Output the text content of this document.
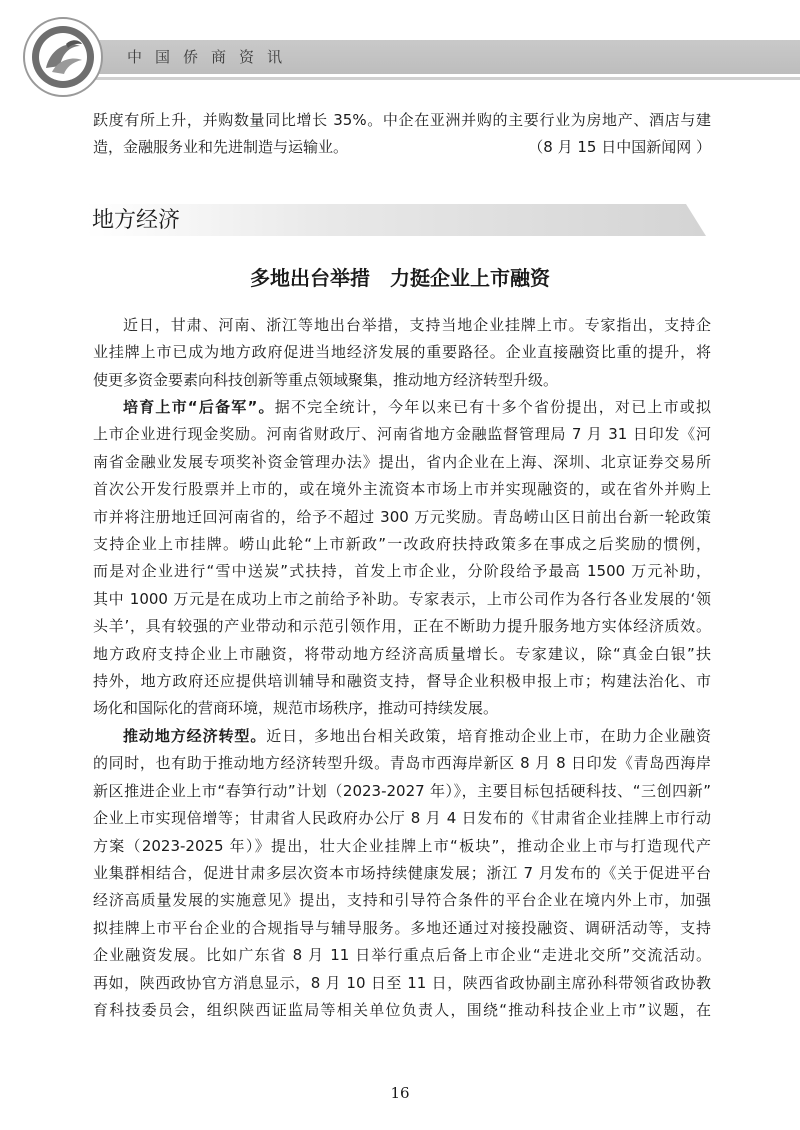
中国侨商资讯
跃度有所上升，并购数量同比增长 35%。中企在亚洲并购的主要行业为房地产、酒店与建
造，金融服务业和先进制造与运输业。	（8 月 15 日中国新闻网 ）
地方经济
多地出台举措　力挺企业上市融资
近日，甘肃、河南、浙江等地出台举措，支持当地企业挂牌上市。专家指出，支持企
业挂牌上市已成为地方政府促进当地经济发展的重要路径。企业直接融资比重的提升，将
使更多资金要素向科技创新等重点领域聚集，推动地方经济转型升级。
培育上市“后备军”。据不完全统计，今年以来已有十多个省份提出，对已上市或拟
上市企业进行现金奖励。河南省财政厅、河南省地方金融监督管理局 7 月 31 日印发《河
南省金融业发展专项奖补资金管理办法》提出，省内企业在上海、深圳、北京证券交易所
首次公开发行股票并上市的，或在境外主流资本市场上市并实现融资的，或在省外并购上
市并将注册地迁回河南省的，给予不超过 300 万元奖励。青岛崂山区日前出台新一轮政策
支持企业上市挂牌。崂山此轮“上市新政”一改政府扶持政策多在事成之后奖励的惯例，
而是对企业进行“雪中送炭”式扶持，首发上市企业，分阶段给予最高 1500 万元补助，
其中 1000 万元是在成功上市之前给予补助。专家表示，上市公司作为各行各业发展的‘领
头羊’，具有较强的产业带动和示范引领作用，正在不断助力提升服务地方实体经济质效。
地方政府支持企业上市融资，将带动地方经济高质量增长。专家建议，除“真金白银”扶
持外，地方政府还应提供培训辅导和融资支持，督导企业积极申报上市；构建法治化、市
场化和国际化的营商环境，规范市场秩序，推动可持续发展。
推动地方经济转型。近日，多地出台相关政策，培育推动企业上市，在助力企业融资
的同时，也有助于推动地方经济转型升级。青岛市西海岸新区 8 月 8 日印发《青岛西海岸
新区推进企业上市“春笋行动”计划（2023-2027 年）》，主要目标包括硬科技、“三创四新”
企业上市实现倍增等；甘肃省人民政府办公厅 8 月 4 日发布的《甘肃省企业挂牌上市行动
方案（2023-2025 年）》提出，壮大企业挂牌上市“板块”，推动企业上市与打造现代产
业集群相结合，促进甘肃多层次资本市场持续健康发展；浙江 7 月发布的《关于促进平台
经济高质量发展的实施意见》提出，支持和引导符合条件的平台企业在境内外上市，加强
拟挂牌上市平台企业的合规指导与辅导服务。多地还通过对接投融资、调研活动等，支持
企业融资发展。比如广东省 8 月 11 日举行重点后备上市企业“走进北交所”交流活动。
再如，陕西政协官方消息显示，8 月 10 日至 11 日，陕西省政协副主席孙科带领省政协教
育科技委员会，组织陕西证监局等相关单位负责人，围绕“推动科技企业上市”议题，在
16
